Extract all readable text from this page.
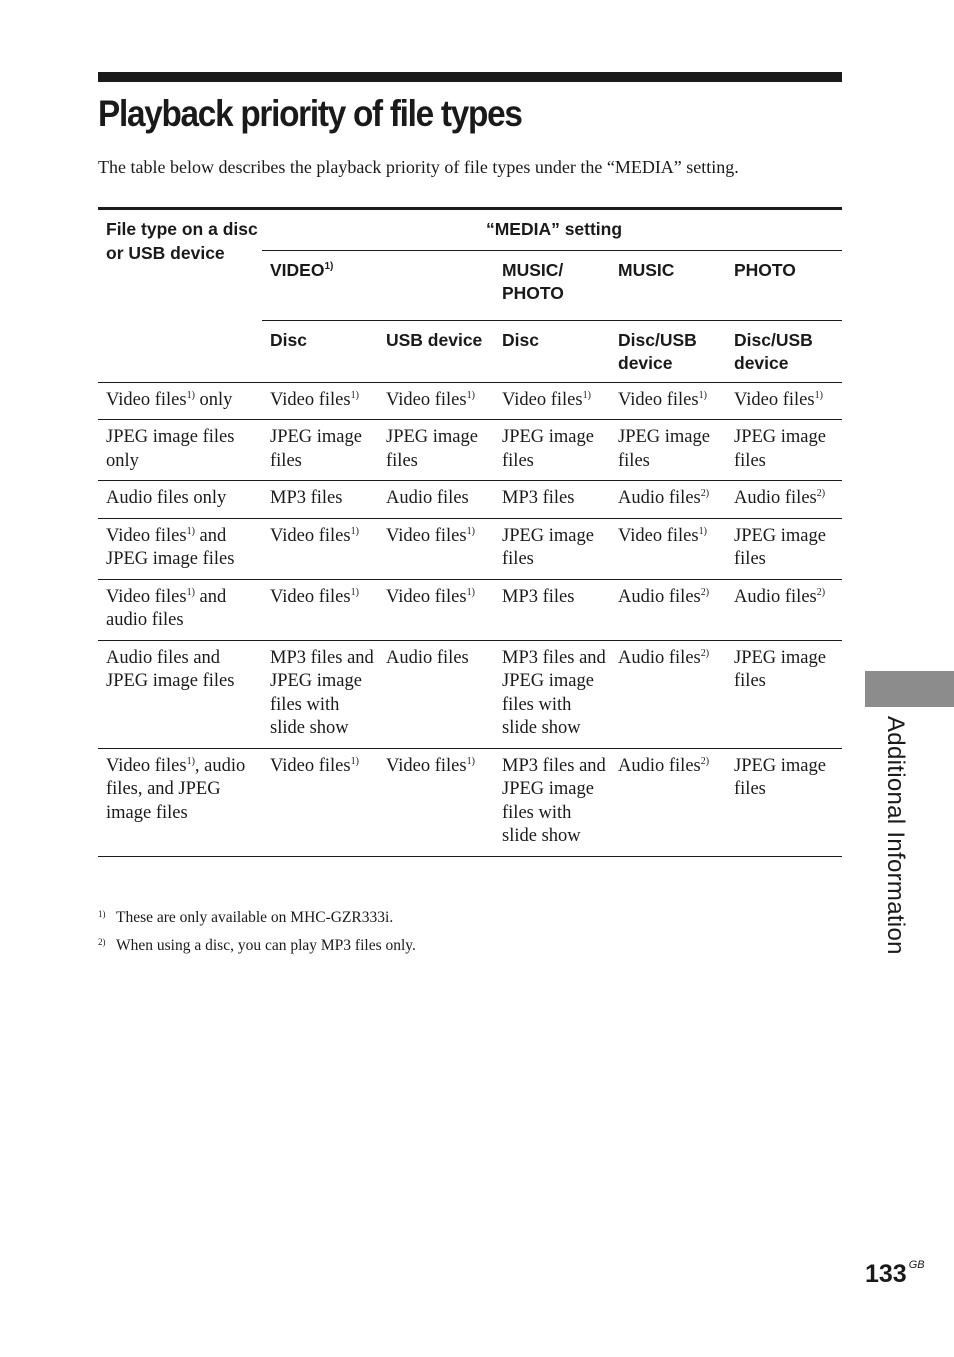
Playback priority of file types
The table below describes the playback priority of file types under the “MEDIA” setting.
File type on a disc or USB device	“MEDIA” setting				
	VIDEO$^{1)}$		MUSIC/ PHOTO	MUSIC	PHOTO
	Disc	USB device	Disc	Disc/USB device	Disc/USB device
Video files$^{1)}$ only	Video files$^{1)}$	Video files$^{1)}$	Video files$^{1)}$	Video files$^{1)}$	Video files$^{1)}$
JPEG image files only	JPEG image files	JPEG image files	JPEG image files	JPEG image files	JPEG image files
Audio files only	MP3 files	Audio files	MP3 files	Audio files$^{2)}$	Audio files$^{2)}$
Video files$^{1)}$ and JPEG image files	Video files$^{1)}$	Video files$^{1)}$	JPEG image files	Video files$^{1)}$	JPEG image files
Video files$^{1)}$ and audio files	Video files$^{1)}$	Video files$^{1)}$	MP3 files	Audio files$^{2)}$	Audio files$^{2)}$
Audio files and JPEG image files	MP3 files and JPEG image files with slide show	Audio files	MP3 files and JPEG image files with slide show	Audio files$^{2)}$	JPEG image files
Video files$^{1)}$, audio files, and JPEG image files	Video files$^{1)}$	Video files$^{1)}$	MP3 files and JPEG image files with slide show	Audio files$^{2)}$	JPEG image files
1) These are only available on MHC-GZR333i.
2) When using a disc, you can play MP3 files only.	Additional Information
133 $^{GB}$
